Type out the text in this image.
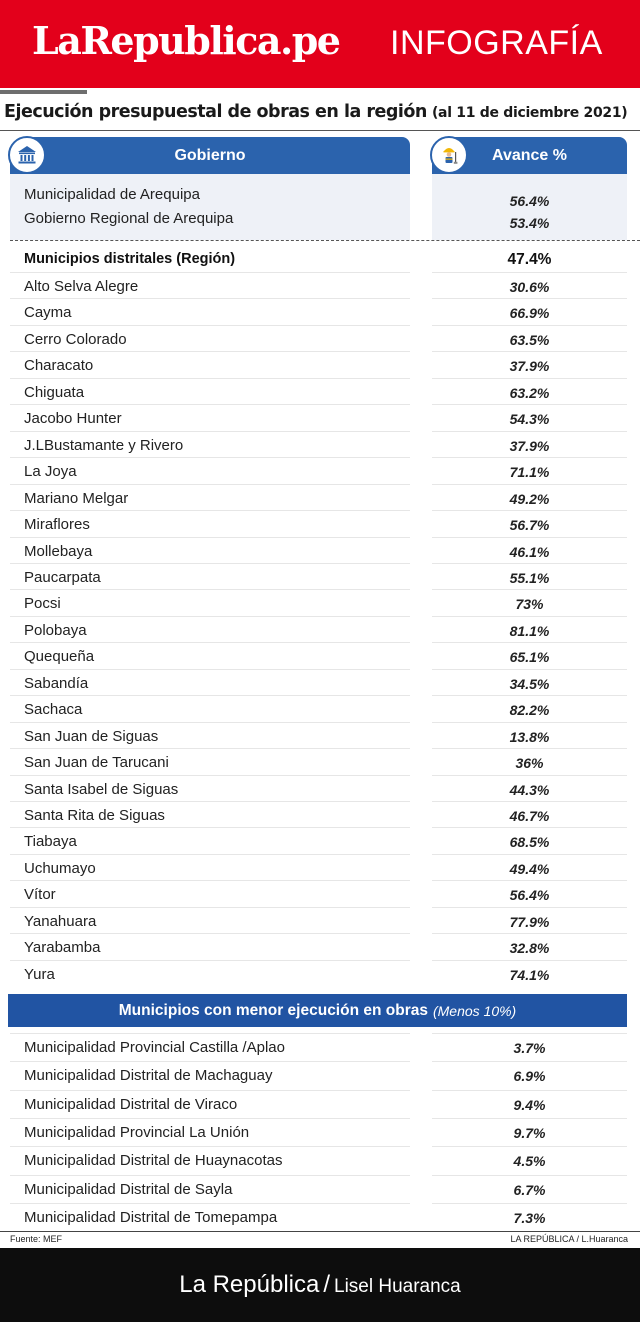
LaRepublica.pe INFOGRAFÍA
Ejecución presupuestal de obras en la región (al 11 de diciembre 2021)
Gobierno	Avance %
Municipalidad de Arequipa	56.4%
Gobierno Regional de Arequipa	53.4%
Municipios distritales (Región)	47.4%
Alto Selva Alegre	30.6%
Cayma	66.9%
Cerro Colorado	63.5%
Characato	37.9%
Chiguata	63.2%
Jacobo Hunter	54.3%
J.LBustamante y Rivero	37.9%
La Joya	71.1%
Mariano Melgar	49.2%
Miraflores	56.7%
Mollebaya	46.1%
Paucarpata	55.1%
Pocsi	73%
Polobaya	81.1%
Quequeña	65.1%
Sabandía	34.5%
Sachaca	82.2%
San Juan de Siguas	13.8%
San Juan de Tarucani	36%
Santa Isabel de Siguas	44.3%
Santa Rita de Siguas	46.7%
Tiabaya	68.5%
Uchumayo	49.4%
Vítor	56.4%
Yanahuara	77.9%
Yarabamba	32.8%
Yura	74.1%
Municipios con menor ejecución en obras (Menos 10%)
Municipalidad Provincial Castilla /Aplao	3.7%
Municipalidad Distrital de Machaguay	6.9%
Municipalidad Distrital de Viraco	9.4%
Municipalidad Provincial La Unión	9.7%
Municipalidad Distrital de Huaynacotas	4.5%
Municipalidad Distrital de Sayla	6.7%
Municipalidad Distrital de Tomepampa	7.3%
Fuente: MEF	LA REPÚBLICA / L.Huaranca
La República / Lisel Huaranca
